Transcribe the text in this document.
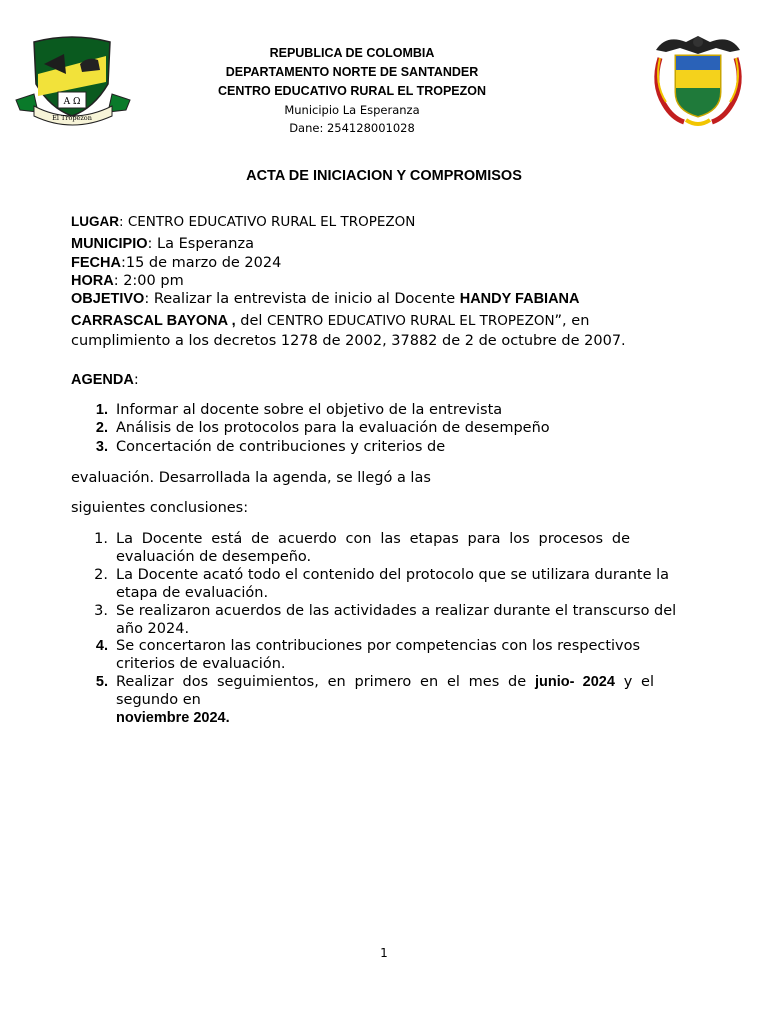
A Ω
El Tropezon
REPUBLICA DE COLOMBIA
DEPARTAMENTO NORTE DE SANTANDER
CENTRO EDUCATIVO RURAL EL TROPEZON
Municipio La Esperanza
Dane: 254128001028
ACTA DE INICIACION Y COMPROMISOS
LUGAR: CENTRO EDUCATIVO RURAL EL TROPEZON
MUNICIPIO: La Esperanza
FECHA:15 de marzo de 2024
HORA: 2:00 pm
OBJETIVO: Realizar la entrevista de inicio al Docente HANDY FABIANA
CARRASCAL BAYONA , del CENTRO EDUCATIVO RURAL EL TROPEZON”, en
cumplimiento a los decretos 1278 de 2002, 37882 de 2 de octubre de 2007.
AGENDA:
1. Informar al docente sobre el objetivo de la entrevista
2. Análisis de los protocolos para la evaluación de desempeño
3. Concertación de contribuciones y criterios de
evaluación. Desarrollada la agenda, se llegó a las
siguientes conclusiones:
1. La Docente está de acuerdo con las etapas para los procesos de
evaluación de desempeño.
2. La Docente acató todo el contenido del protocolo que se utilizara durante la
etapa de evaluación.
3. Se realizaron acuerdos de las actividades a realizar durante el transcurso del
año 2024.
4. Se concertaron las contribuciones por competencias con los respectivos
criterios de evaluación.
5. Realizar dos seguimientos, en primero en el mes de junio- 2024 y el
segundo en
noviembre 2024.
1
